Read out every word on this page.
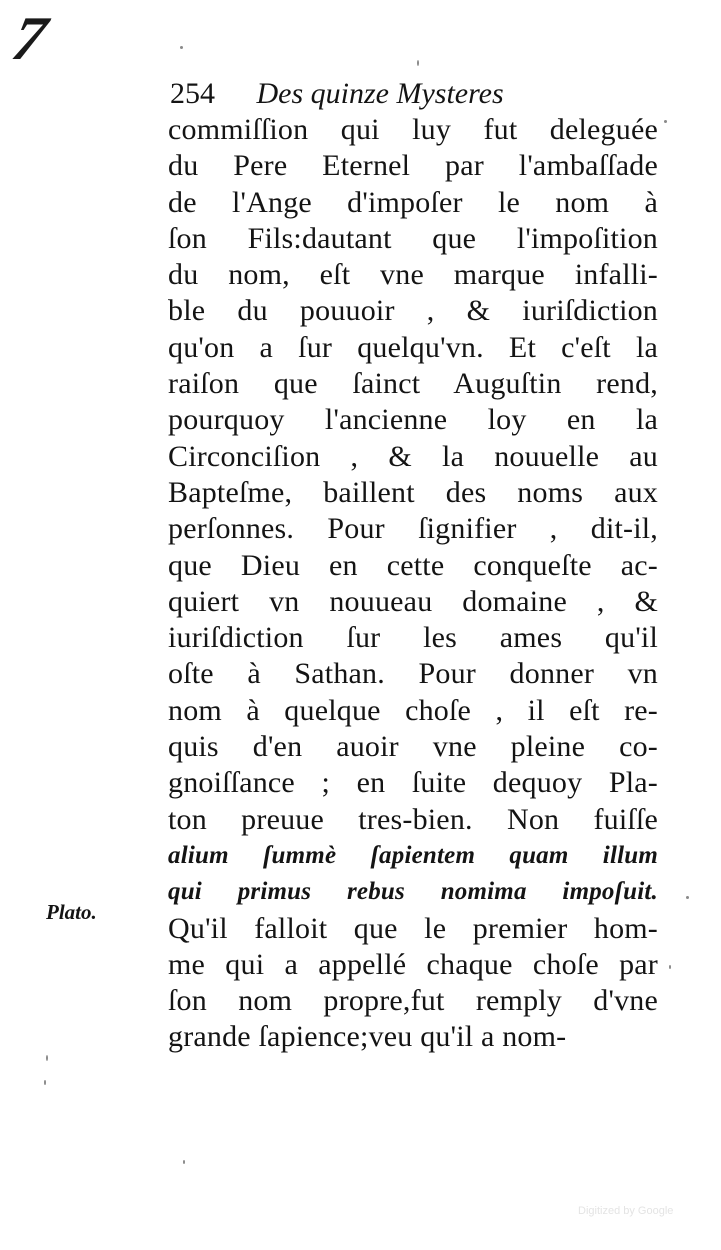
7
254 Des quinze Mysteres
commiſſion qui luy fut deleguée
du Pere Eternel par l'ambaſſade
de l'Ange d'impoſer le nom à
ſon Fils:dautant que l'impoſition
du nom, eſt vne marque infalli-
ble du pouuoir , & iuriſdiction
qu'on a ſur quelqu'vn. Et c'eſt la
raiſon que ſainct Auguſtin rend,
pourquoy l'ancienne loy en la
Circonciſion , & la nouuelle au
Bapteſme, baillent des noms aux
perſonnes. Pour ſignifier , dit-il,
que Dieu en cette conqueſte ac-
quiert vn nouueau domaine , &
iuriſdiction ſur les ames qu'il
oſte à Sathan. Pour donner vn
nom à quelque choſe , il eſt re-
quis d'en auoir vne pleine co-
gnoiſſance ; en ſuite dequoy Pla-
ton preuue tres-bien. Non fuiſſe
alium ſummè ſapientem quam illum
qui primus rebus nomima impoſuit.
Qu'il falloit que le premier hom-
me qui a appellé chaque choſe par
ſon nom propre,fut remply d'vne
grande ſapience;veu qu'il a nom-
Plato.
Digitized by Google
